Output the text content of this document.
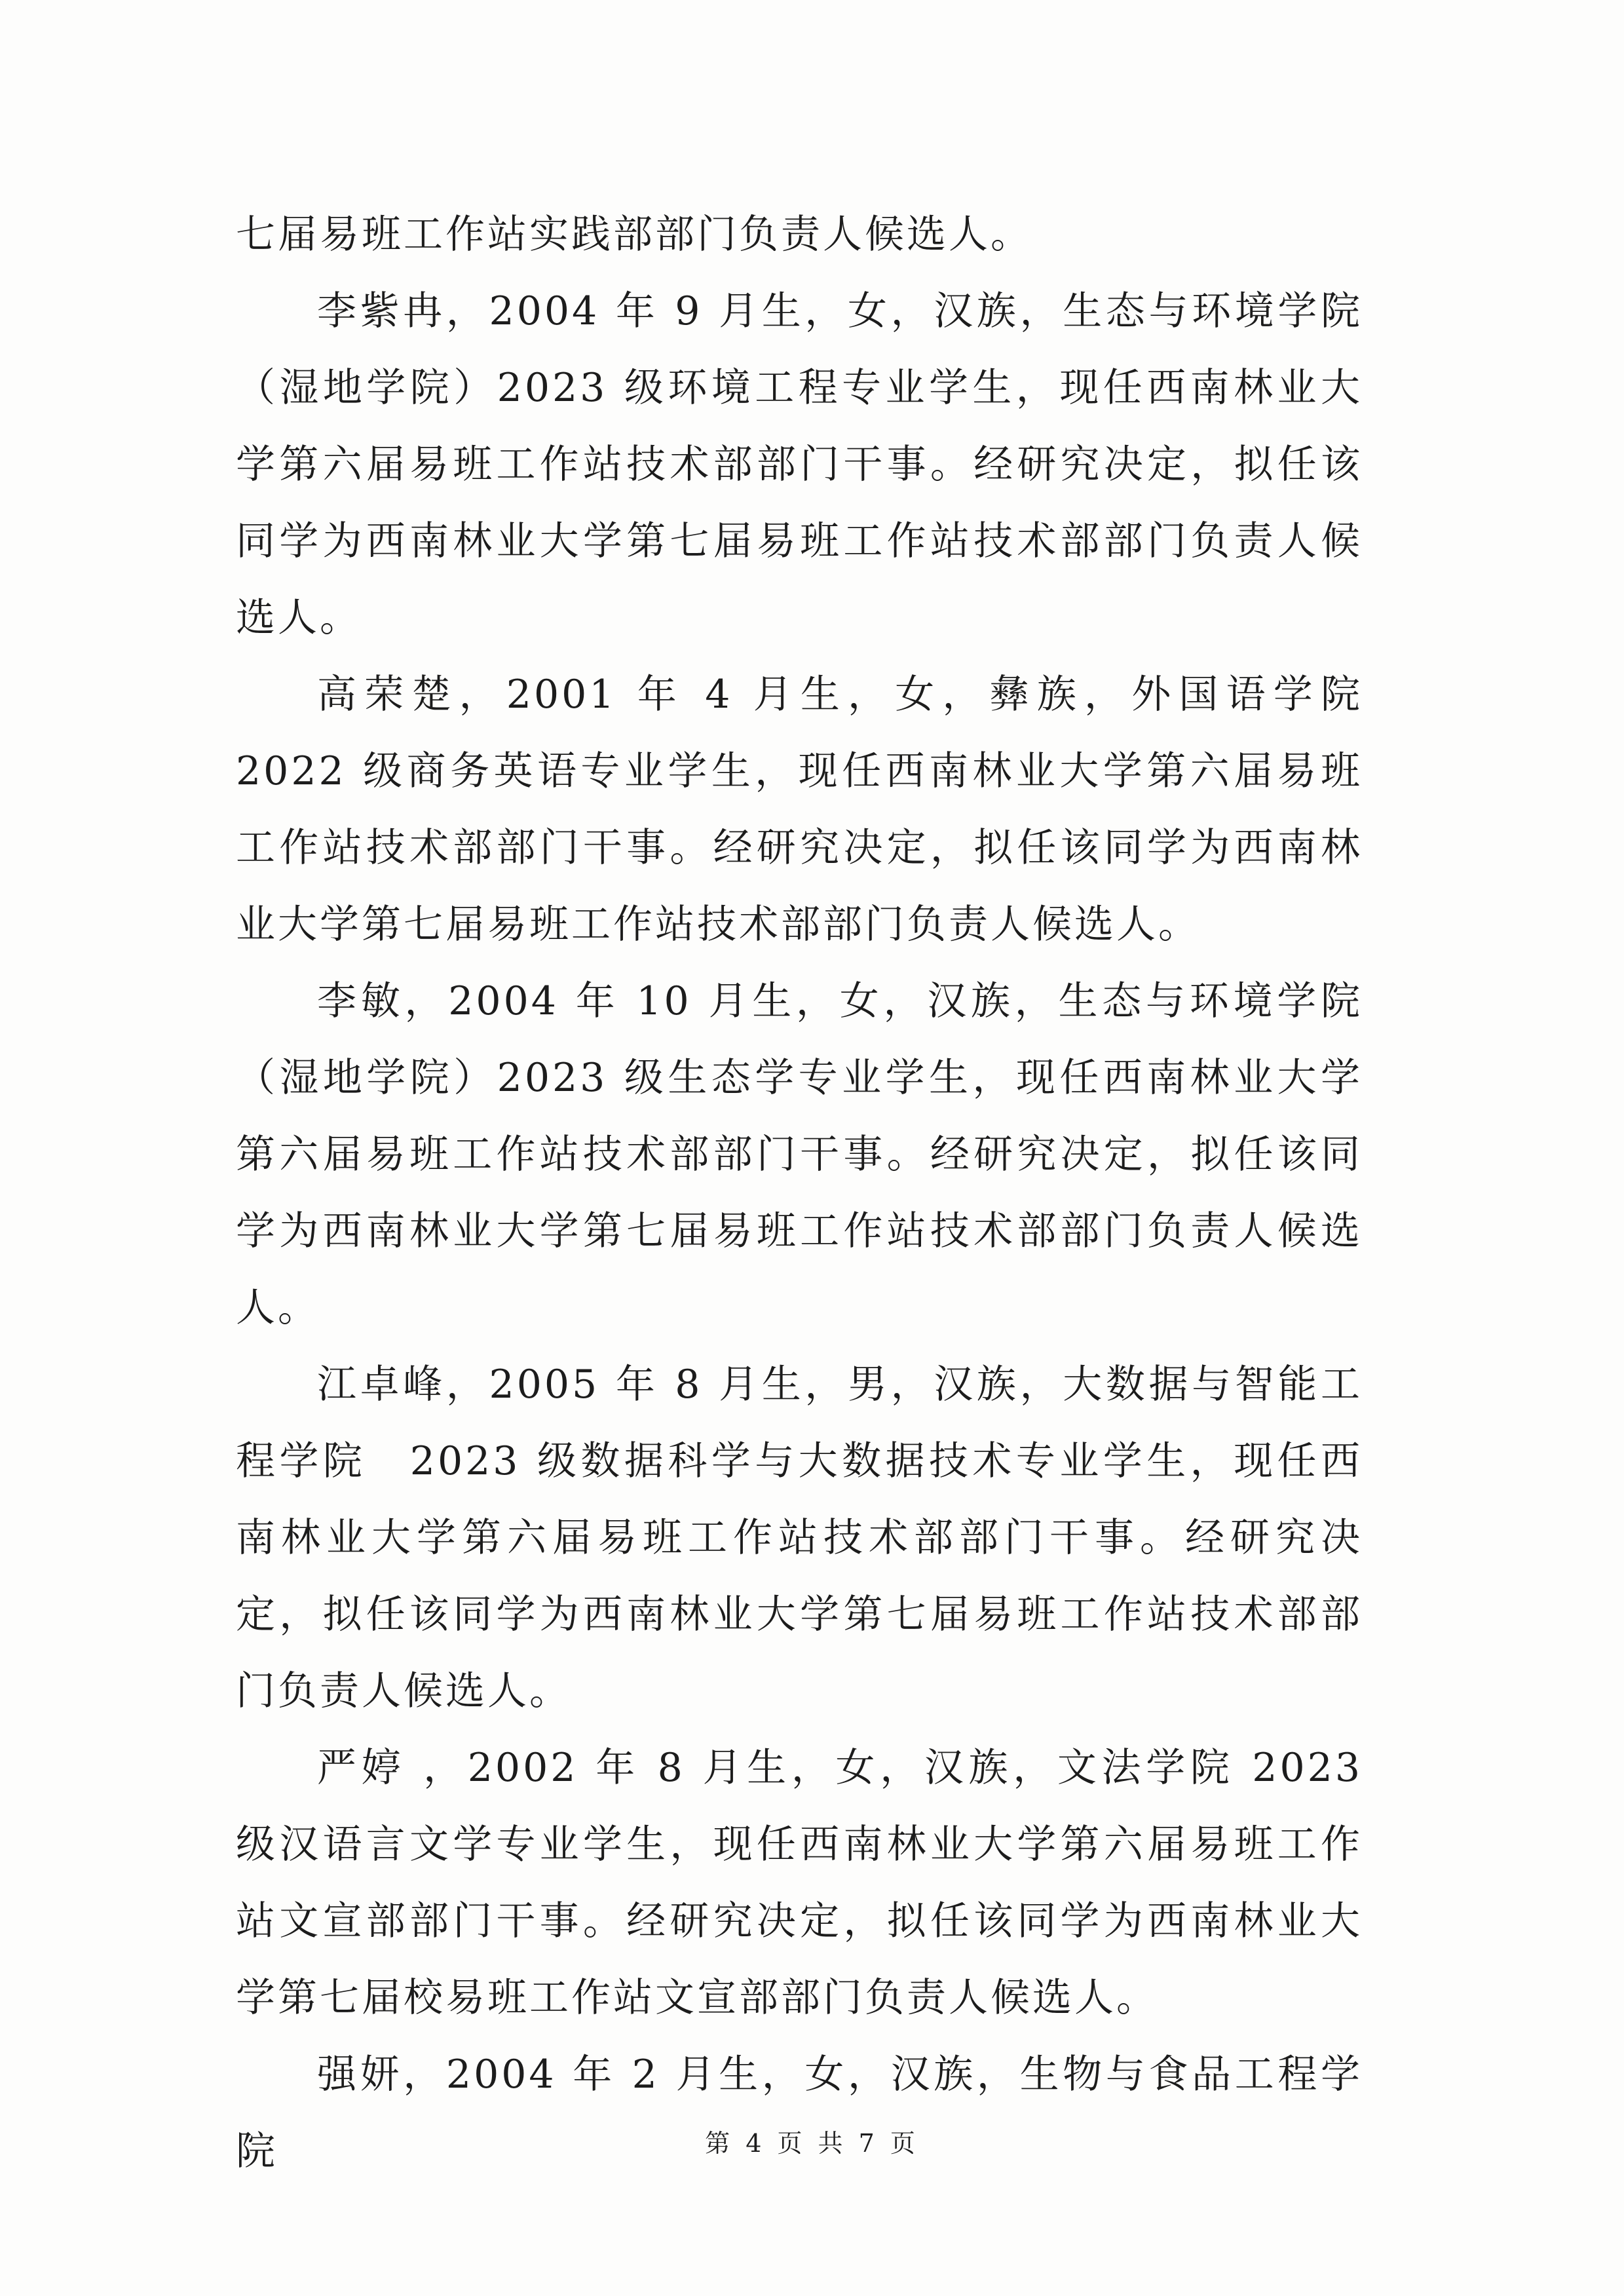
七届易班工作站实践部部门负责人候选人。

李紫冉，2004 年 9 月生，女，汉族，生态与环境学院（湿地学院）2023 级环境工程专业学生，现任西南林业大学第六届易班工作站技术部部门干事。经研究决定，拟任该同学为西南林业大学第七届易班工作站技术部部门负责人候选人。

高荣楚，2001 年 4 月生，女，彝族，外国语学院 2022 级商务英语专业学生，现任西南林业大学第六届易班工作站技术部部门干事。经研究决定，拟任该同学为西南林业大学第七届易班工作站技术部部门负责人候选人。

李敏，2004 年 10 月生，女，汉族，生态与环境学院（湿地学院）2023 级生态学专业学生，现任西南林业大学第六届易班工作站技术部部门干事。经研究决定，拟任该同学为西南林业大学第七届易班工作站技术部部门负责人候选人。

江卓峰，2005 年 8 月生，男，汉族，大数据与智能工程学院　2023 级数据科学与大数据技术专业学生，现任西南林业大学第六届易班工作站技术部部门干事。经研究决定，拟任该同学为西南林业大学第七届易班工作站技术部部门负责人候选人。

严婷 ，2002 年 8 月生，女，汉族，文法学院 2023 级汉语言文学专业学生，现任西南林业大学第六届易班工作站文宣部部门干事。经研究决定，拟任该同学为西南林业大学第七届校易班工作站文宣部部门负责人候选人。

强妍，2004 年 2 月生，女，汉族，生物与食品工程学院	第 4 页 共 7 页
